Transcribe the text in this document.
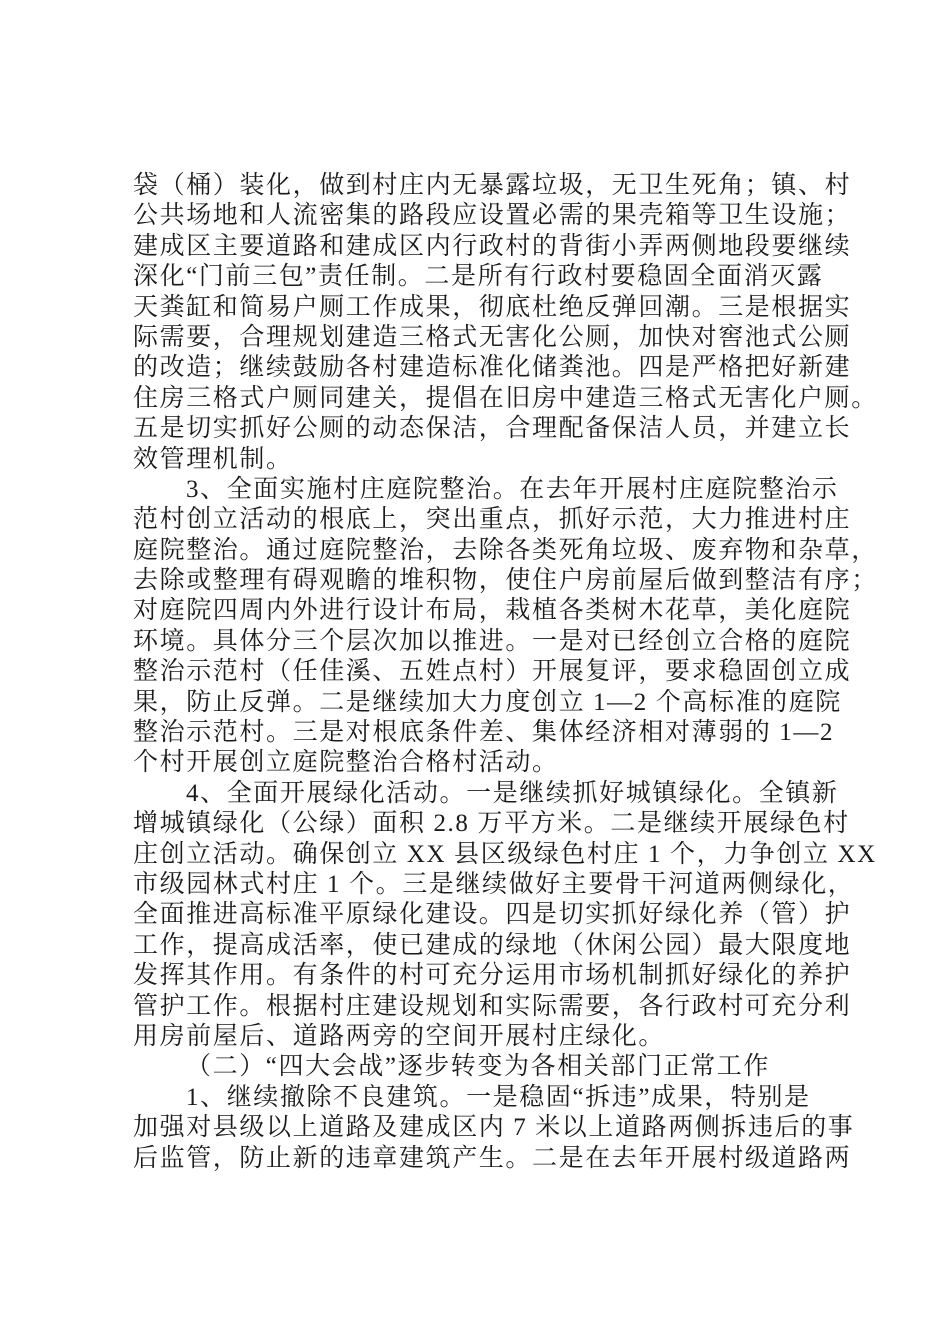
袋（桶）装化，做到村庄内无暴露垃圾，无卫生死角；镇、村
公共场地和人流密集的路段应设置必需的果壳箱等卫生设施；
建成区主要道路和建成区内行政村的背街小弄两侧地段要继续
深化“门前三包”责任制。二是所有行政村要稳固全面消灭露
天粪缸和简易户厕工作成果，彻底杜绝反弹回潮。三是根据实
际需要，合理规划建造三格式无害化公厕，加快对窖池式公厕
的改造；继续鼓励各村建造标准化储粪池。四是严格把好新建
住房三格式户厕同建关，提倡在旧房中建造三格式无害化户厕。
五是切实抓好公厕的动态保洁，合理配备保洁人员，并建立长
效管理机制。
3、全面实施村庄庭院整治。在去年开展村庄庭院整治示
范村创立活动的根底上，突出重点，抓好示范，大力推进村庄
庭院整治。通过庭院整治，去除各类死角垃圾、废弃物和杂草，
去除或整理有碍观瞻的堆积物，使住户房前屋后做到整洁有序；
对庭院四周内外进行设计布局，栽植各类树木花草，美化庭院
环境。具体分三个层次加以推进。一是对已经创立合格的庭院
整治示范村（任佳溪、五姓点村）开展复评，要求稳固创立成
果，防止反弹。二是继续加大力度创立 1—2 个高标准的庭院
整治示范村。三是对根底条件差、集体经济相对薄弱的 1—2
个村开展创立庭院整治合格村活动。
4、全面开展绿化活动。一是继续抓好城镇绿化。全镇新
增城镇绿化（公绿）面积 2.8 万平方米。二是继续开展绿色村
庄创立活动。确保创立 XX 县区级绿色村庄 1 个，力争创立 XX
市级园林式村庄 1 个。三是继续做好主要骨干河道两侧绿化，
全面推进高标准平原绿化建设。四是切实抓好绿化养（管）护
工作，提高成活率，使已建成的绿地（休闲公园）最大限度地
发挥其作用。有条件的村可充分运用市场机制抓好绿化的养护
管护工作。根据村庄建设规划和实际需要，各行政村可充分利
用房前屋后、道路两旁的空间开展村庄绿化。
（二）“四大会战”逐步转变为各相关部门正常工作
1、继续撤除不良建筑。一是稳固“拆违”成果，特别是
加强对县级以上道路及建成区内 7 米以上道路两侧拆违后的事
后监管，防止新的违章建筑产生。二是在去年开展村级道路两
